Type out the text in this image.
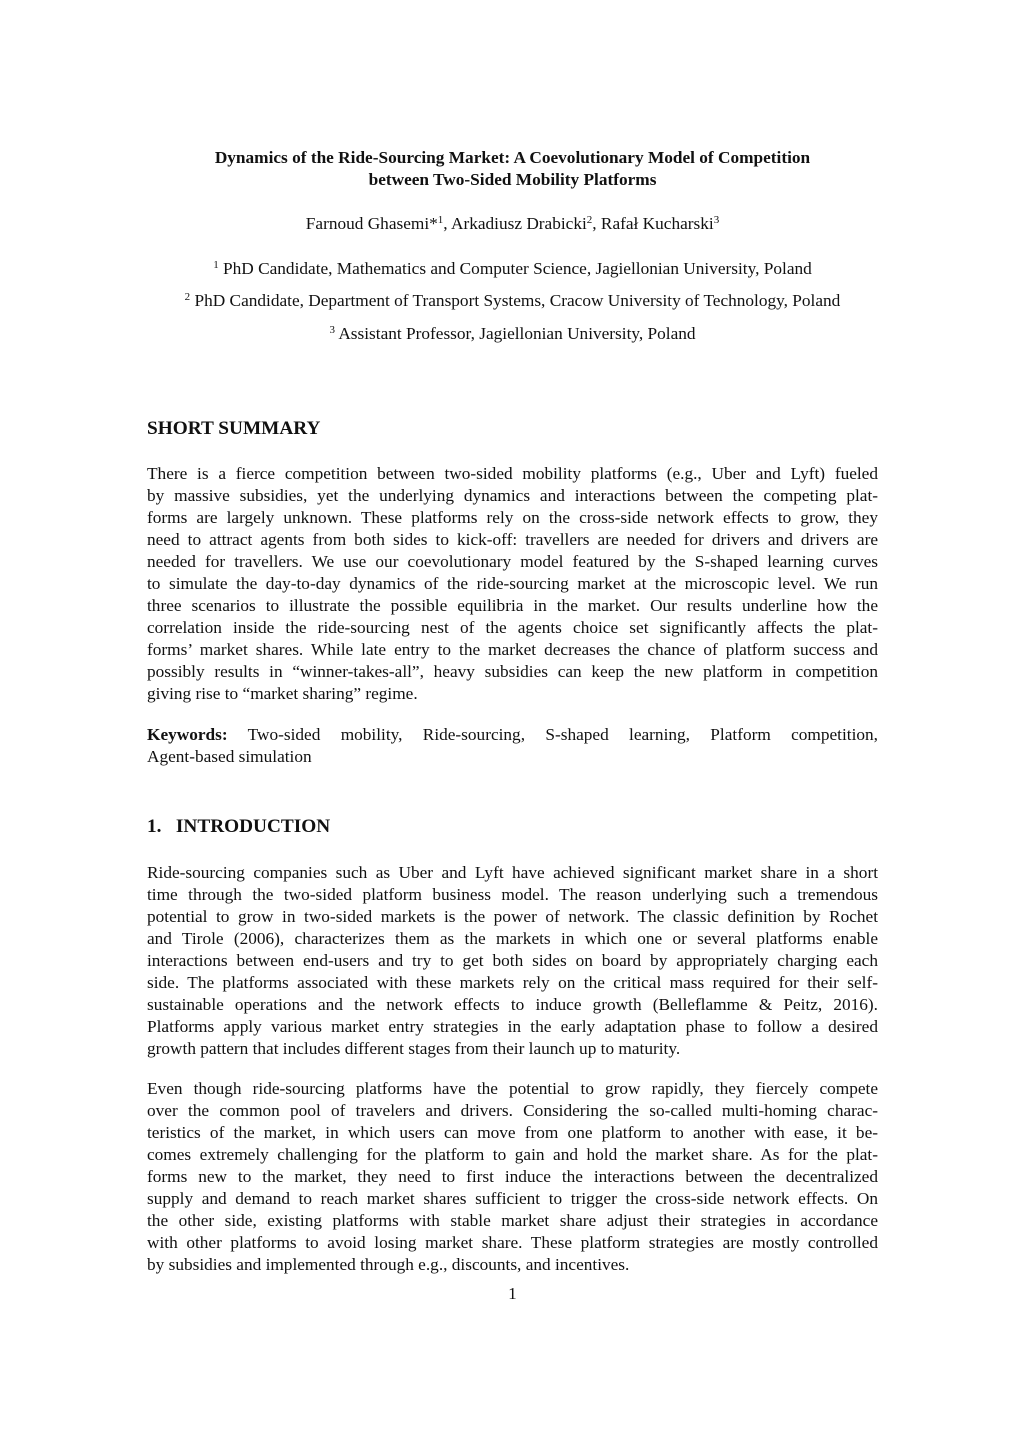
Dynamics of the Ride-Sourcing Market: A Coevolutionary Model of Competition
between Two-Sided Mobility Platforms
Farnoud Ghasemi*$^1$, Arkadiusz Drabicki$^2$, Rafał Kucharski$^3$
$^1$ PhD Candidate, Mathematics and Computer Science, Jagiellonian University, Poland
$^2$ PhD Candidate, Department of Transport Systems, Cracow University of Technology, Poland
$^3$ Assistant Professor, Jagiellonian University, Poland
SHORT SUMMARY
There is a fierce competition between two-sided mobility platforms (e.g., Uber and Lyft) fueled
by massive subsidies, yet the underlying dynamics and interactions between the competing plat-
forms are largely unknown. These platforms rely on the cross-side network effects to grow, they
need to attract agents from both sides to kick-off: travellers are needed for drivers and drivers are
needed for travellers. We use our coevolutionary model featured by the S-shaped learning curves
to simulate the day-to-day dynamics of the ride-sourcing market at the microscopic level. We run
three scenarios to illustrate the possible equilibria in the market. Our results underline how the
correlation inside the ride-sourcing nest of the agents choice set significantly affects the plat-
forms’ market shares. While late entry to the market decreases the chance of platform success and
possibly results in “winner-takes-all”, heavy subsidies can keep the new platform in competition
giving rise to “market sharing” regime.
Keywords: Two-sided mobility, Ride-sourcing, S-shaped learning, Platform competition,
Agent-based simulation
1.   INTRODUCTION
Ride-sourcing companies such as Uber and Lyft have achieved significant market share in a short
time through the two-sided platform business model. The reason underlying such a tremendous
potential to grow in two-sided markets is the power of network. The classic definition by Rochet
and Tirole (2006), characterizes them as the markets in which one or several platforms enable
interactions between end-users and try to get both sides on board by appropriately charging each
side. The platforms associated with these markets rely on the critical mass required for their self-
sustainable operations and the network effects to induce growth (Belleflamme & Peitz, 2016).
Platforms apply various market entry strategies in the early adaptation phase to follow a desired
growth pattern that includes different stages from their launch up to maturity.
Even though ride-sourcing platforms have the potential to grow rapidly, they fiercely compete
over the common pool of travelers and drivers. Considering the so-called multi-homing charac-
teristics of the market, in which users can move from one platform to another with ease, it be-
comes extremely challenging for the platform to gain and hold the market share. As for the plat-
forms new to the market, they need to first induce the interactions between the decentralized
supply and demand to reach market shares sufficient to trigger the cross-side network effects. On
the other side, existing platforms with stable market share adjust their strategies in accordance
with other platforms to avoid losing market share. These platform strategies are mostly controlled
by subsidies and implemented through e.g., discounts, and incentives.
1
